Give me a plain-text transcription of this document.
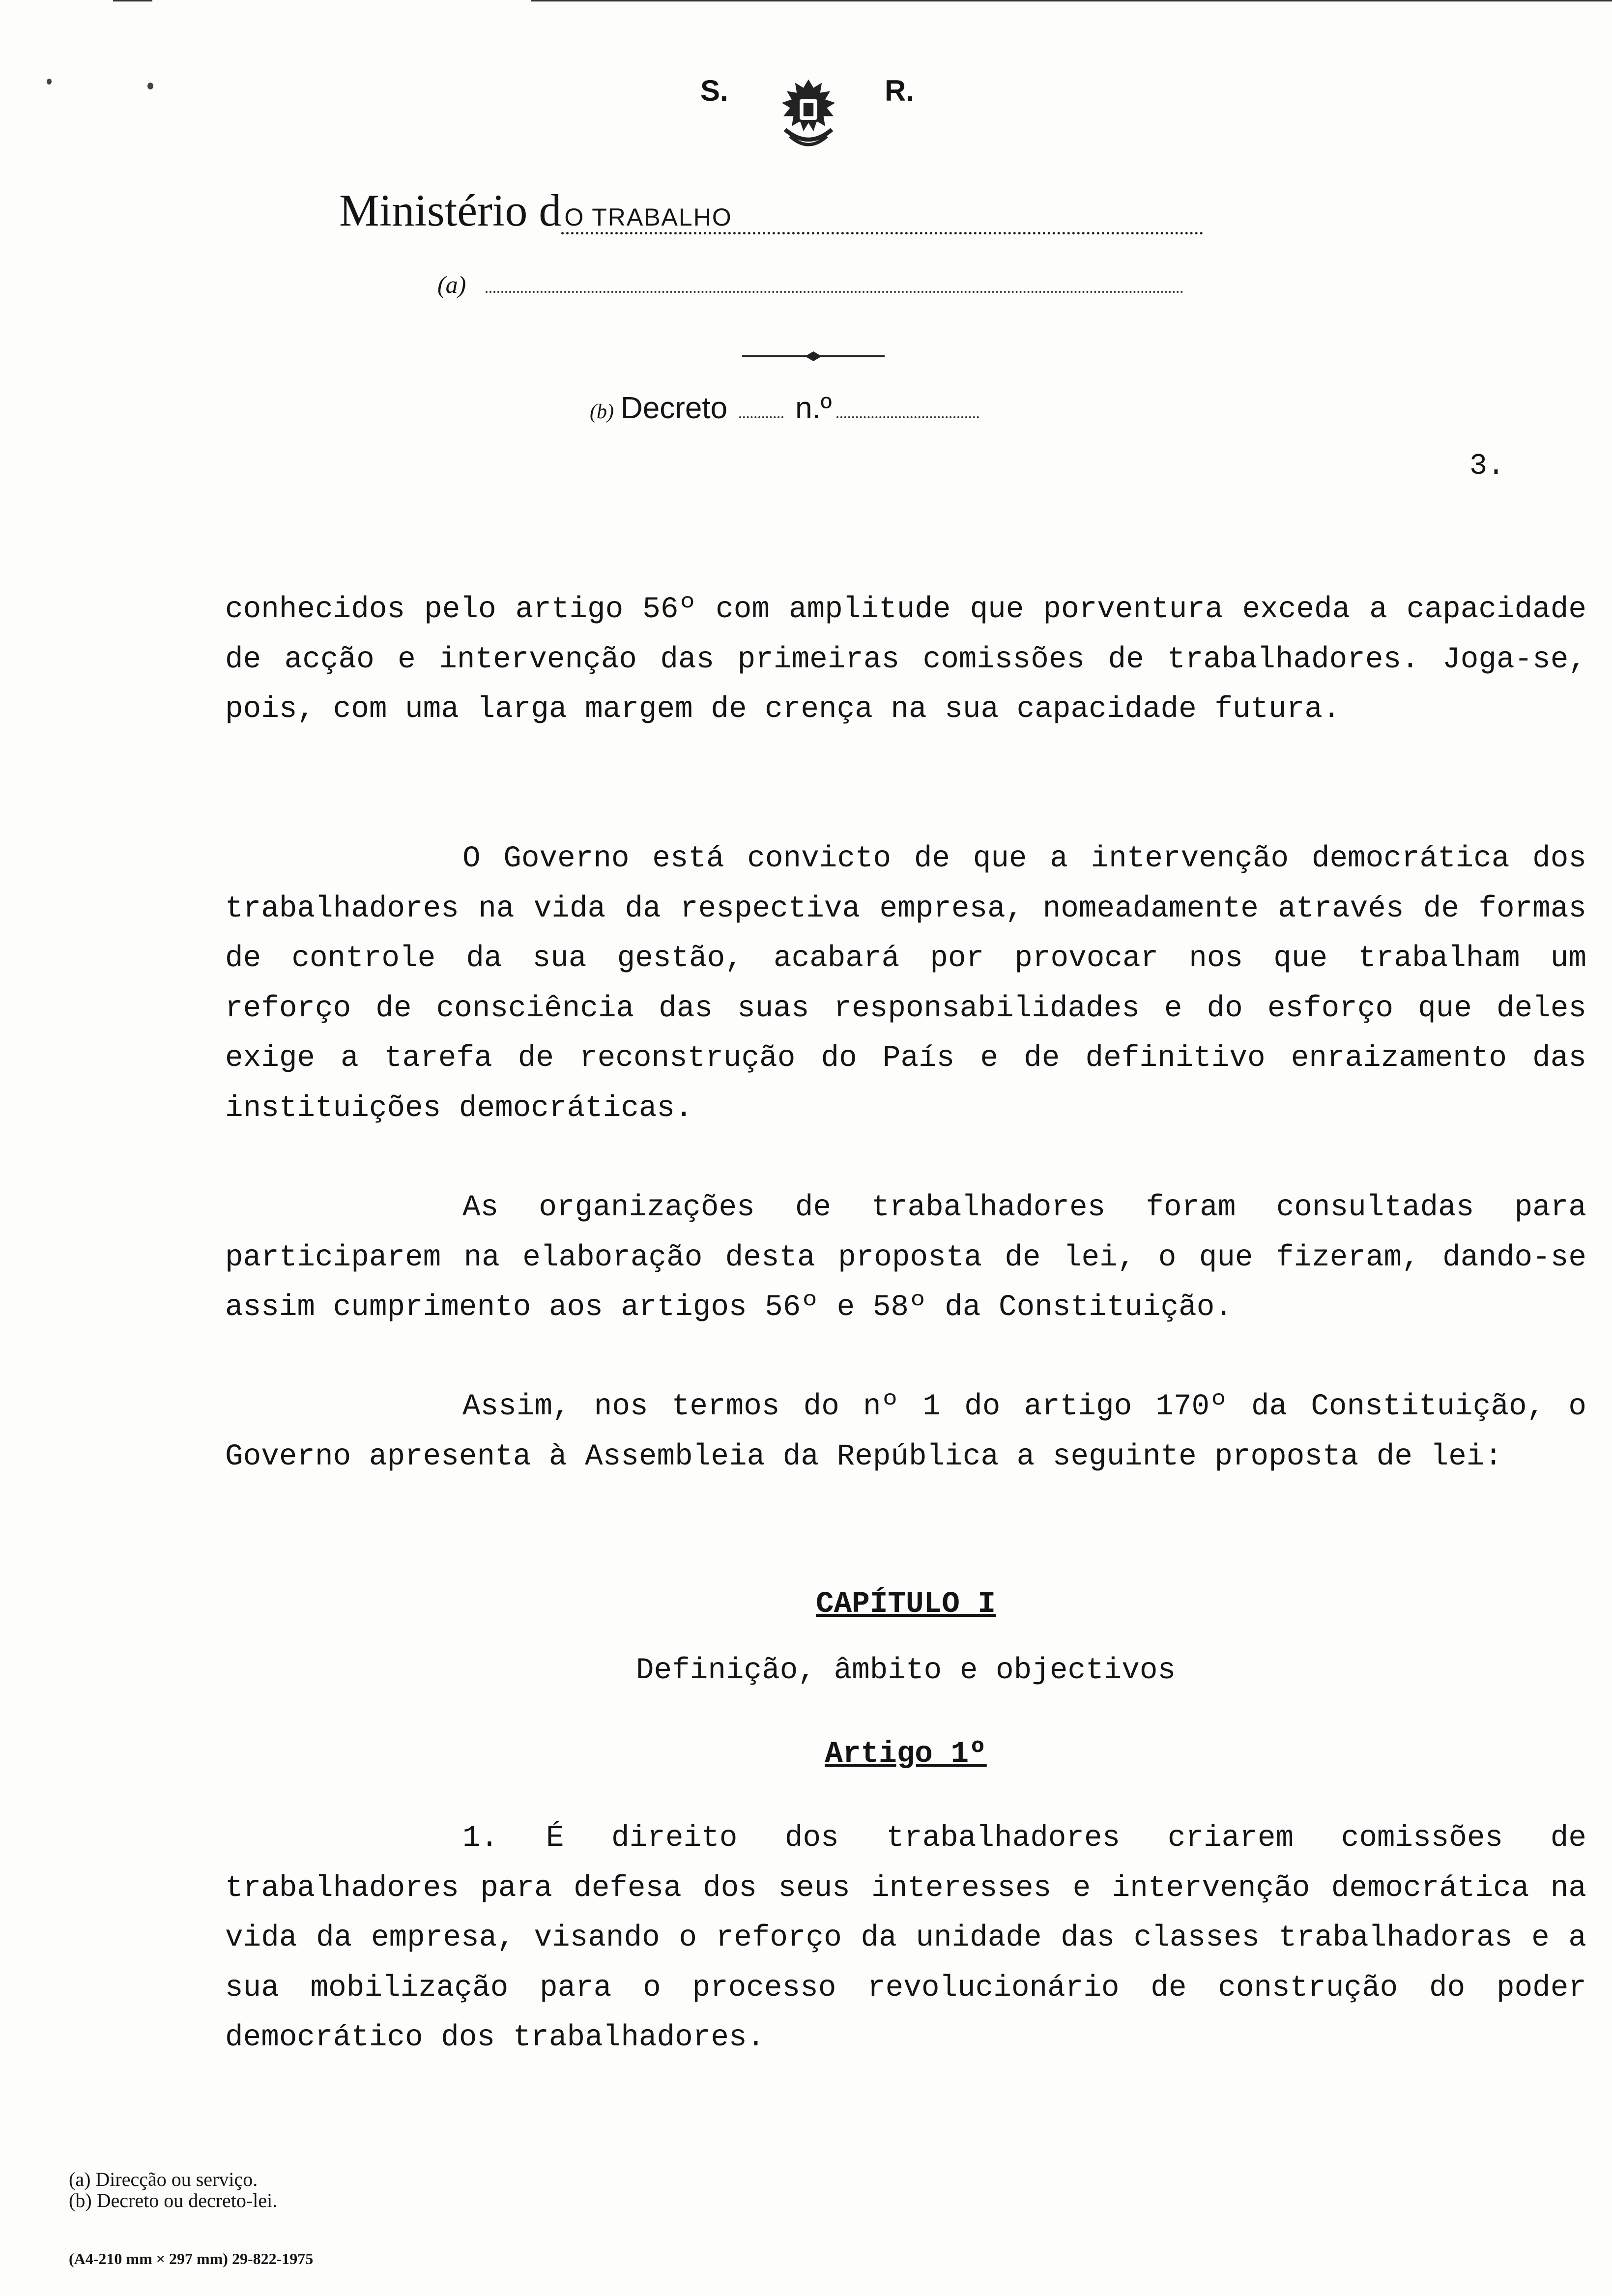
S.	R.
Ministério d O TRABALHO
(a)
(b) Decreto n.º
3.

conhecidos pelo artigo 56º com amplitude que porventura exceda a capacidade de acção e intervenção das primeiras comissões de trabalhadores. Joga-se, pois, com uma larga margem de crença na sua capacidade futura.

O Governo está convicto de que a intervenção democrática dos trabalhadores na vida da respectiva empresa, nomeadamente através de formas de controle da sua gestão, acabará por provocar nos que trabalham um reforço de consciência das suas responsabilidades e do esforço que deles exige a tarefa de reconstrução do País e de definitivo enraizamento das instituições democráticas.

As organizações de trabalhadores foram consultadas para participarem na elaboração desta proposta de lei, o que fizeram, dando-se assim cumprimento aos artigos 56º e 58º da Constituição.

Assim, nos termos do nº 1 do artigo 170º da Constituição, o Governo apresenta à Assembleia da República a seguinte proposta de lei:

CAPÍTULO I
Definição, âmbito e objectivos
Artigo 1º

1. É direito dos trabalhadores criarem comissões de trabalhadores para defesa dos seus interesses e intervenção democrática na vida da empresa, visando o reforço da unidade das classes trabalhadoras e a sua mobilização para o processo revolucionário de construção do poder democrático dos trabalhadores.

(a) Direcção ou serviço.
(b) Decreto ou decreto-lei.
(A4-210 mm × 297 mm) 29-822-1975
